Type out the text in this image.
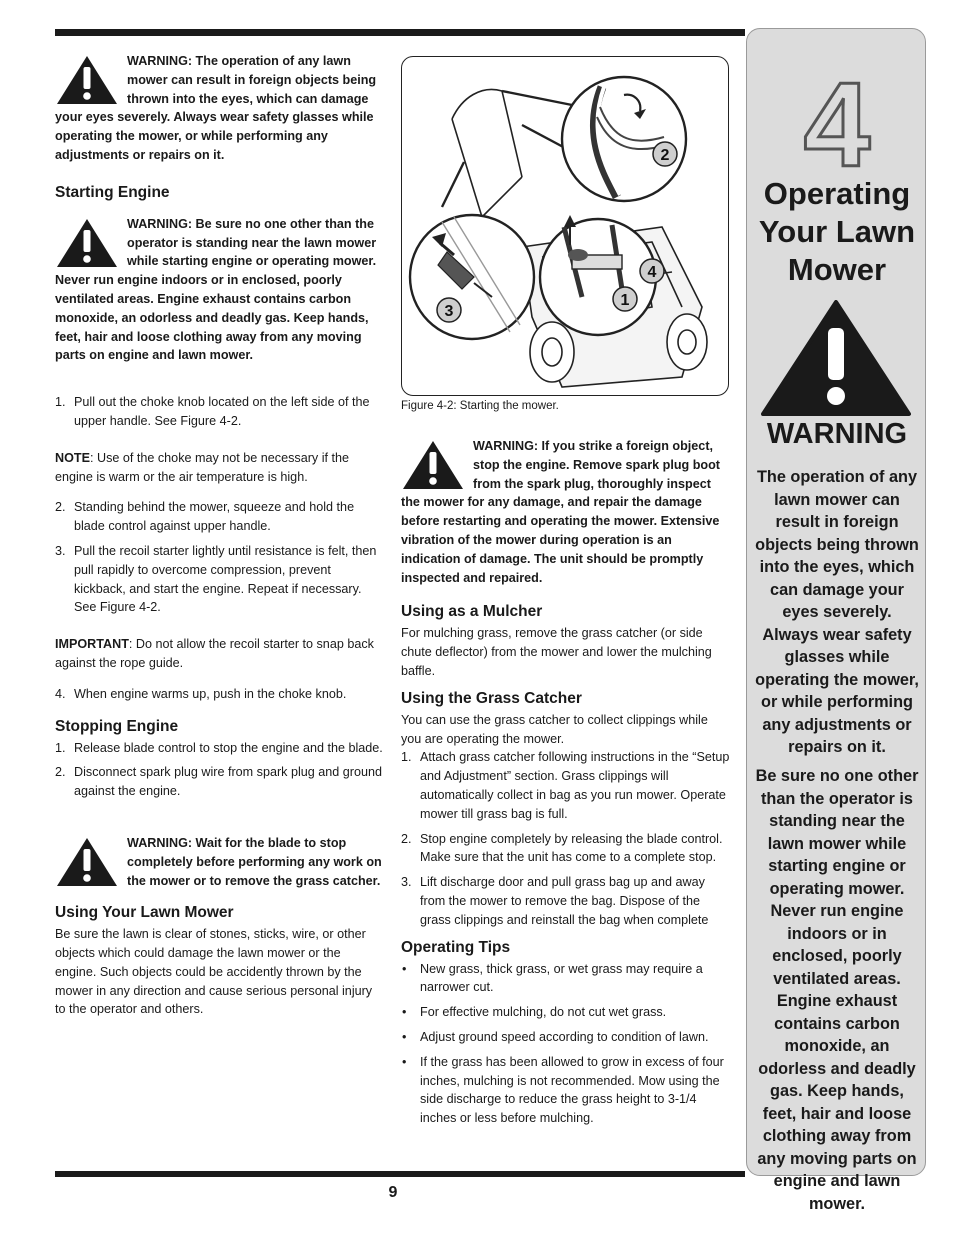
WARNING: The operation of any lawn mower can result in foreign objects being thrown into the eyes, which can damage your eyes severely. Always wear safety glasses while operating the mower, or while performing any adjustments or repairs on it.
Starting Engine
WARNING: Be sure no one other than the operator is standing near the lawn mower while starting engine or operating mower. Never run engine indoors or in enclosed, poorly ventilated areas. Engine exhaust contains carbon monoxide, an odorless and deadly gas. Keep hands, feet, hair and loose clothing away from any moving parts on engine and lawn mower.
1. Pull out the choke knob located on the left side of the upper handle. See Figure 4-2.

NOTE: Use of the choke may not be necessary if the engine is warm or the air temperature is high.

2. Standing behind the mower, squeeze and hold the blade control against upper handle.
3. Pull the recoil starter lightly until resistance is felt, then pull rapidly to overcome compression, prevent kickback, and start the engine. Repeat if necessary. See Figure 4-2.

IMPORTANT: Do not allow the recoil starter to snap back against the rope guide.

4. When engine warms up, push in the choke knob.
Stopping Engine
1. Release blade control to stop the engine and the blade.
2. Disconnect spark plug wire from spark plug and ground against the engine.
WARNING: Wait for the blade to stop completely before performing any work on the mower or to remove the grass catcher.
Using Your Lawn Mower

Be sure the lawn is clear of stones, sticks, wire, or other objects which could damage the lawn mower or the engine. Such objects could be accidently thrown by the mower in any direction and cause serious personal injury to the operator and others.

2
4
1
3
Figure 4-2: Starting the mower.
WARNING: If you strike a foreign object, stop the engine. Remove spark plug boot from the spark plug, thoroughly inspect the mower for any damage, and repair the damage before restarting and operating the mower. Extensive vibration of the mower during operation is an indication of damage. The unit should be promptly inspected and repaired.
Using as a Mulcher

For mulching grass, remove the grass catcher (or side chute deflector) from the mower and lower the mulching baffle.

Using the Grass Catcher

You can use the grass catcher to collect clippings while you are operating the mower.

1. Attach grass catcher following instructions in the “Setup and Adjustment” section. Grass clippings will automatically collect in bag as you run mower. Operate mower till grass bag is full.
2. Stop engine completely by releasing the blade control. Make sure that the unit has come to a complete stop.
3. Lift discharge door and pull grass bag up and away from the mower to remove the bag. Dispose of the grass clippings and reinstall the bag when complete
Operating Tips
• New grass, thick grass, or wet grass may require a narrower cut.
• For effective mulching, do not cut wet grass.
• Adjust ground speed according to condition of lawn.
• If the grass has been allowed to grow in excess of four inches, mulching is not recommended. Mow using the side discharge to reduce the grass height to 3-1/4 inches or less before mulching.
4
Operating
Your Lawn
Mower
WARNING
The operation of any lawn mower can result in foreign objects being thrown into the eyes, which can damage your eyes severely. Always wear safety glasses while operating the mower, or while performing any adjustments or repairs on it.
Be sure no one other than the operator is standing near the lawn mower while starting engine or operating mower. Never run engine indoors or in enclosed, poorly ventilated areas. Engine exhaust contains carbon monoxide, an odorless and deadly gas. Keep hands, feet, hair and loose clothing away from any moving parts on engine and lawn mower.
9
